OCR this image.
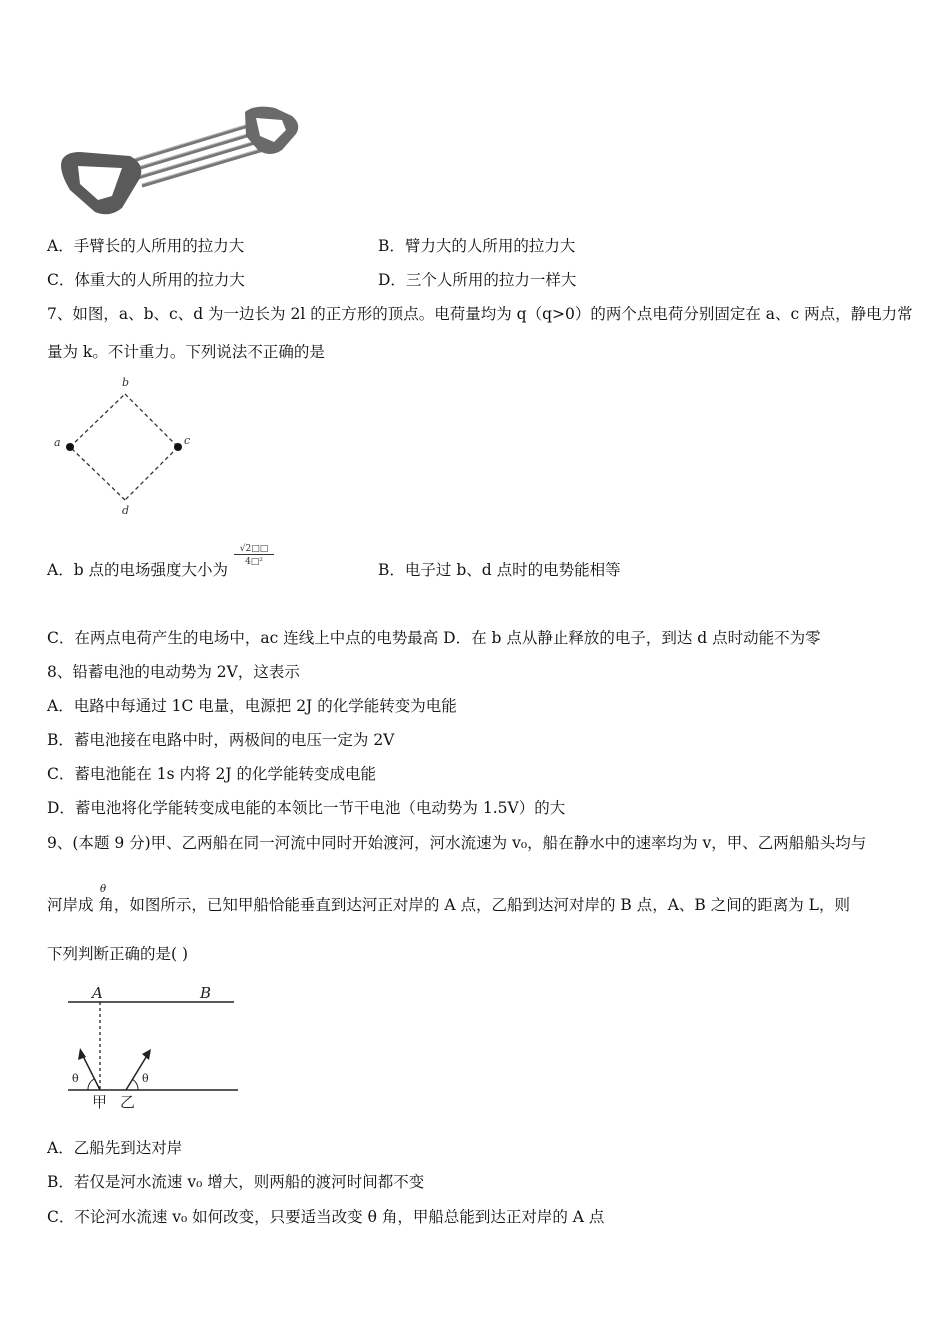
A．手臂长的人所用的拉力大	B．臂力大的人所用的拉力大
C．体重大的人所用的拉力大	D．三个人所用的拉力一样大
7、如图，a、b、c、d 为一边长为 2l 的正方形的顶点。电荷量均为 q（q>0）的两个点电荷分别固定在 a、c 两点，静电力常
量为 k。不计重力。下列说法不正确的是
b
a	c
d
A．b 点的电场强度大小为
√2□□
4□²	B．电子过 b、d 点时的电势能相等
C．在两点电荷产生的电场中，ac 连线上中点的电势最高 D．在 b 点从静止释放的电子，到达 d 点时动能不为零
8、铅蓄电池的电动势为 2V，这表示
A．电路中每通过 1C 电量，电源把 2J 的化学能转变为电能
B．蓄电池接在电路中时，两极间的电压一定为 2V
C．蓄电池能在 1s 内将 2J 的化学能转变成电能
D．蓄电池将化学能转变成电能的本领比一节干电池（电动势为 1.5V）的大
9、(本题 9 分)甲、乙两船在同一河流中同时开始渡河，河水流速为 v₀，船在静水中的速率均为 v，甲、乙两船船头均与
θ
河岸成 角，如图所示，已知甲船恰能垂直到达河正对岸的 A 点，乙船到达河对岸的 B 点，A、B 之间的距离为 L，则
下列判断正确的是( )
A	B
θ	θ
甲 乙
A．乙船先到达对岸
B．若仅是河水流速 v₀ 增大，则两船的渡河时间都不变
C．不论河水流速 v₀ 如何改变，只要适当改变 θ 角，甲船总能到达正对岸的 A 点
